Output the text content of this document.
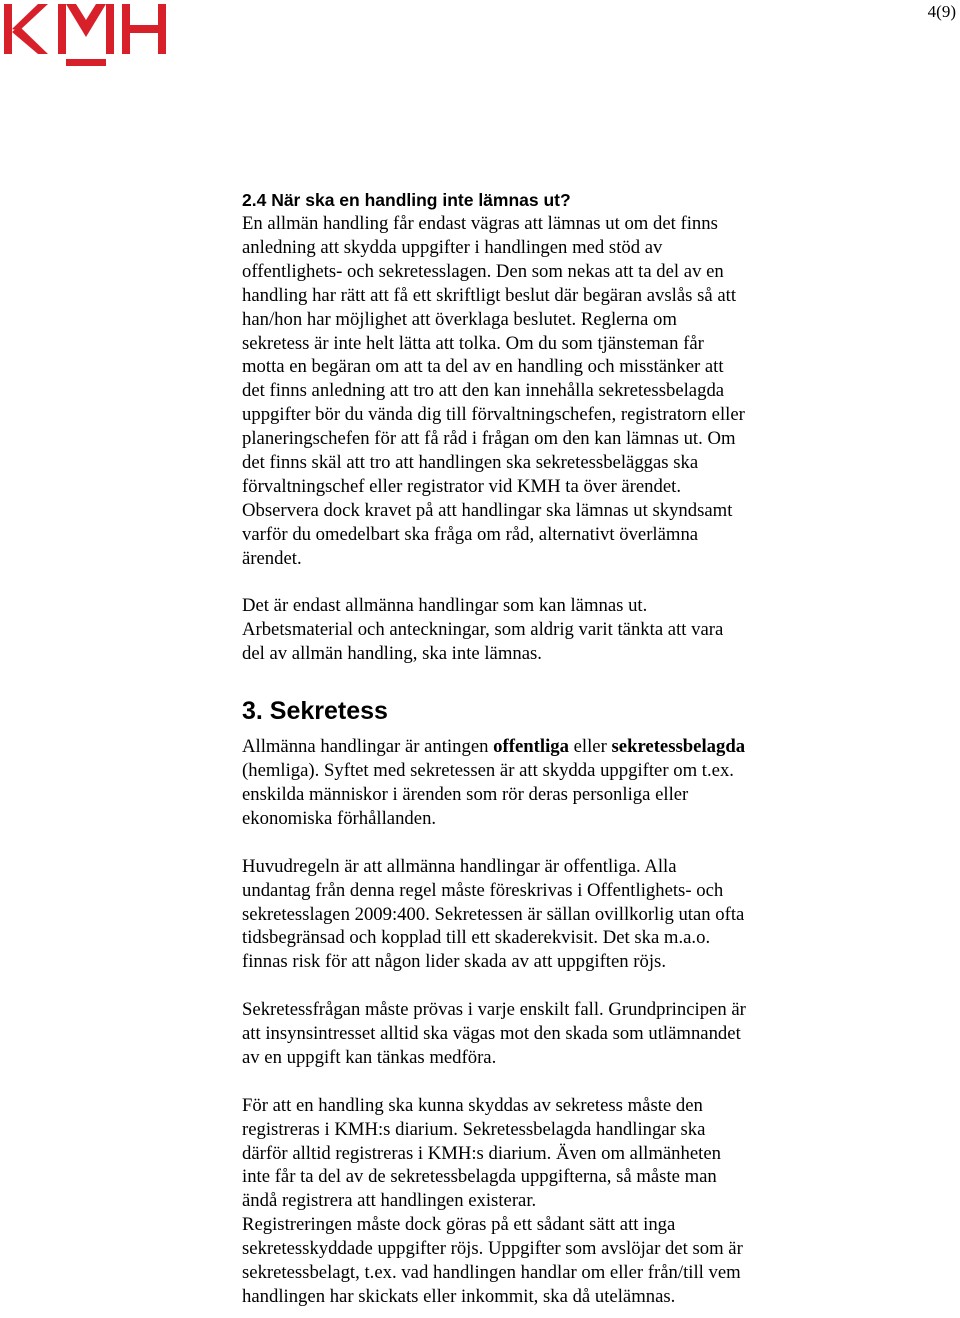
4(9)
2.4 När ska en handling inte lämnas ut?

En allmän handling får endast vägras att lämnas ut om det finns
anledning att skydda uppgifter i handlingen med stöd av
offentlighets- och sekretesslagen. Den som nekas att ta del av en
handling har rätt att få ett skriftligt beslut där begäran avslås så att
han/hon har möjlighet att överklaga beslutet. Reglerna om
sekretess är inte helt lätta att tolka. Om du som tjänsteman får
motta en begäran om att ta del av en handling och misstänker att
det finns anledning att tro att den kan innehålla sekretessbelagda
uppgifter bör du vända dig till förvaltningschefen, registratorn eller
planeringschefen för att få råd i frågan om den kan lämnas ut. Om
det finns skäl att tro att handlingen ska sekretessbeläggas ska
förvaltningschef eller registrator vid KMH ta över ärendet.
Observera dock kravet på att handlingar ska lämnas ut skyndsamt
varför du omedelbart ska fråga om råd, alternativt överlämna
ärendet.

Det är endast allmänna handlingar som kan lämnas ut.
Arbetsmaterial och anteckningar, som aldrig varit tänkta att vara
del av allmän handling, ska inte lämnas.

3. Sekretess

Allmänna handlingar är antingen offentliga eller sekretessbelagda
(hemliga). Syftet med sekretessen är att skydda uppgifter om t.ex.
enskilda människor i ärenden som rör deras personliga eller
ekonomiska förhållanden.

Huvudregeln är att allmänna handlingar är offentliga. Alla
undantag från denna regel måste föreskrivas i Offentlighets- och
sekretesslagen 2009:400. Sekretessen är sällan ovillkorlig utan ofta
tidsbegränsad och kopplad till ett skaderekvisit. Det ska m.a.o.
finnas risk för att någon lider skada av att uppgiften röjs.

Sekretessfrågan måste prövas i varje enskilt fall. Grundprincipen är
att insynsintresset alltid ska vägas mot den skada som utlämnandet
av en uppgift kan tänkas medföra.

För att en handling ska kunna skyddas av sekretess måste den
registreras i KMH:s diarium. Sekretessbelagda handlingar ska
därför alltid registreras i KMH:s diarium. Även om allmänheten
inte får ta del av de sekretessbelagda uppgifterna, så måste man
ändå registrera att handlingen existerar.
Registreringen måste dock göras på ett sådant sätt att inga
sekretesskyddade uppgifter röjs. Uppgifter som avslöjar det som är
sekretessbelagt, t.ex. vad handlingen handlar om eller från/till vem
handlingen har skickats eller inkommit, ska då utelämnas.
